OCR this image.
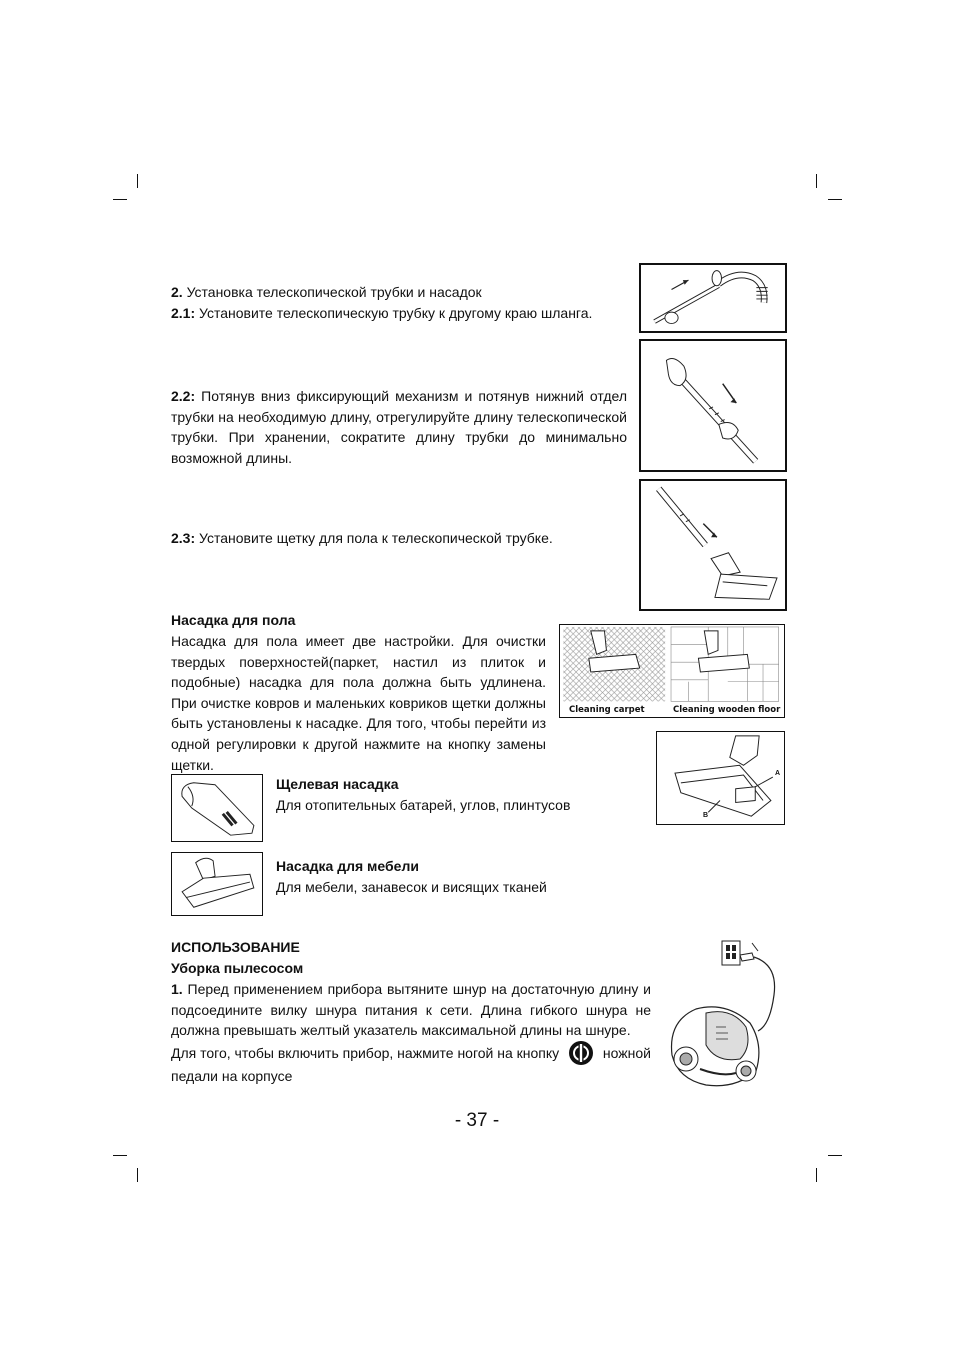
2. Установка телескопической трубки и насадок
2.1: Установите телескопическую трубку к другому краю шланга.
2.2: Потянув вниз фиксирующий механизм и потянув нижний отдел трубки на необходимую длину, отрегулируйте длину телескопической трубки. При хранении, сократите длину трубки до минимально возможной длины.
2.3: Установите щетку для пола к телескопической трубке.
Насадка для пола
Насадка для пола имеет две настройки. Для очистки твердых поверхностей(паркет, настил из плиток и подобные) насадка для пола должна быть удлинена. При очистке ковров и маленьких ковриков щетки должны быть установлены к насадке. Для того, чтобы перейти из одной регулировки к другой нажмите на кнопку замены щетки.
Cleaning carpet	Cleaning wooden floor
A
B
Щелевая насадка
Для отопительных батарей, углов, плинтусов
Насадка для мебели
Для мебели, занавесок и висящих тканей
ИСПОЛЬЗОВАНИЕ
Уборка пылесосом
1. Перед применением прибора вытяните шнур на достаточную длину и подсоедините вилку шнура питания к сети. Длина гибкого шнура не должна превышать желтый указатель максимальной длины на шнуре.
Для того, чтобы включить прибор, нажмите ногой на кнопку	ножной
педали на корпусе
- 37 -
